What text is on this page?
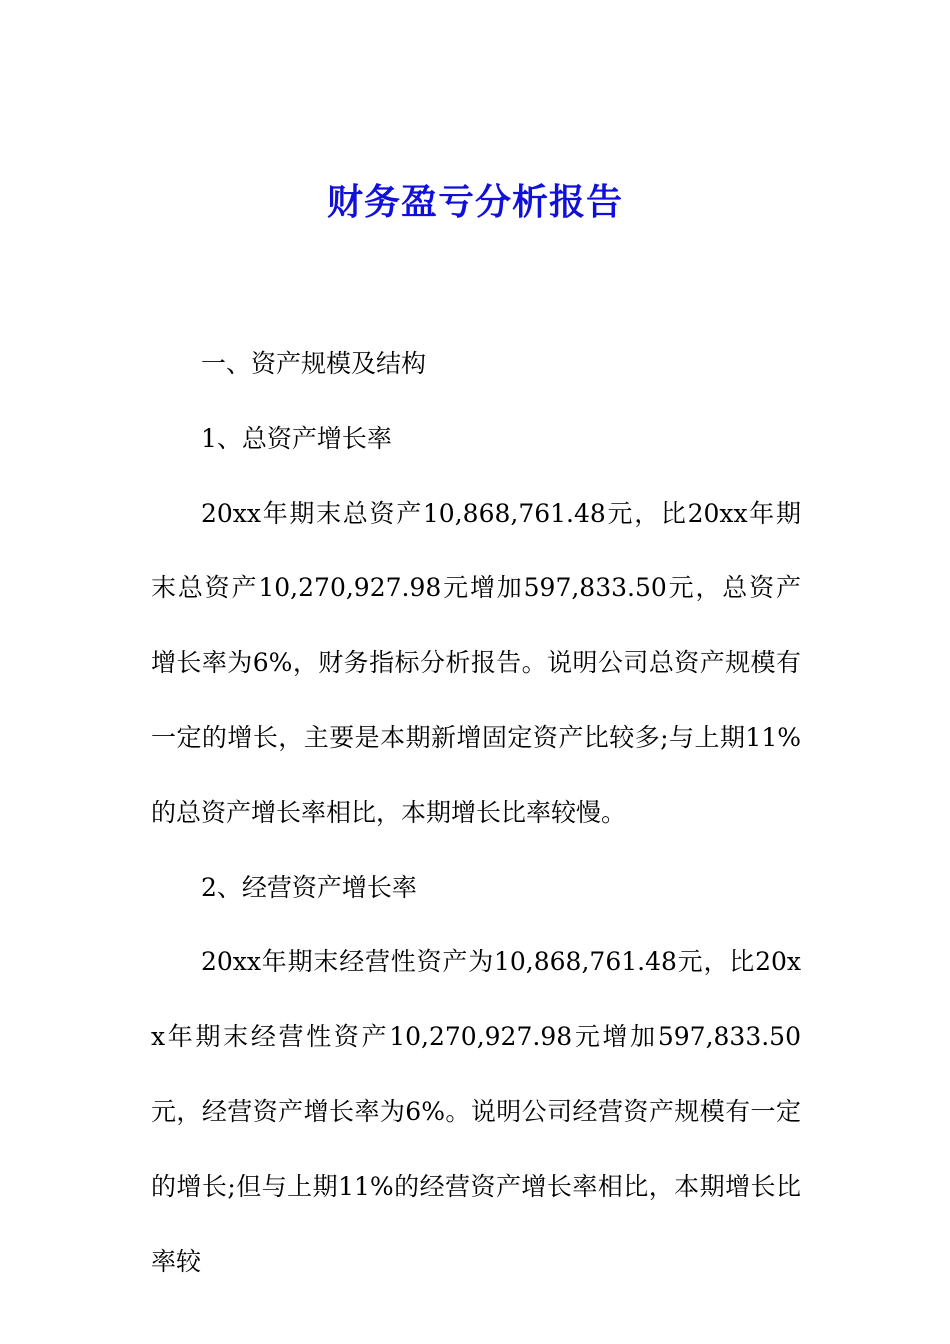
财务盈亏分析报告

一、资产规模及结构

1、总资产增长率

20xx年期末总资产10,868,761.48元，比20xx年期末总资产10,270,927.98元增加597,833.50元，总资产增长率为6%，财务指标分析报告。说明公司总资产规模有一定的增长，主要是本期新增固定资产比较多;与上期11%的总资产增长率相比，本期增长比率较慢。

2、经营资产增长率

20xx年期末经营性资产为10,868,761.48元，比20xx年期末经营性资产10,270,927.98元增加597,833.50元，经营资产增长率为6%。说明公司经营资产规模有一定的增长;但与上期11%的经营资产增长率相比，本期增长比率较
